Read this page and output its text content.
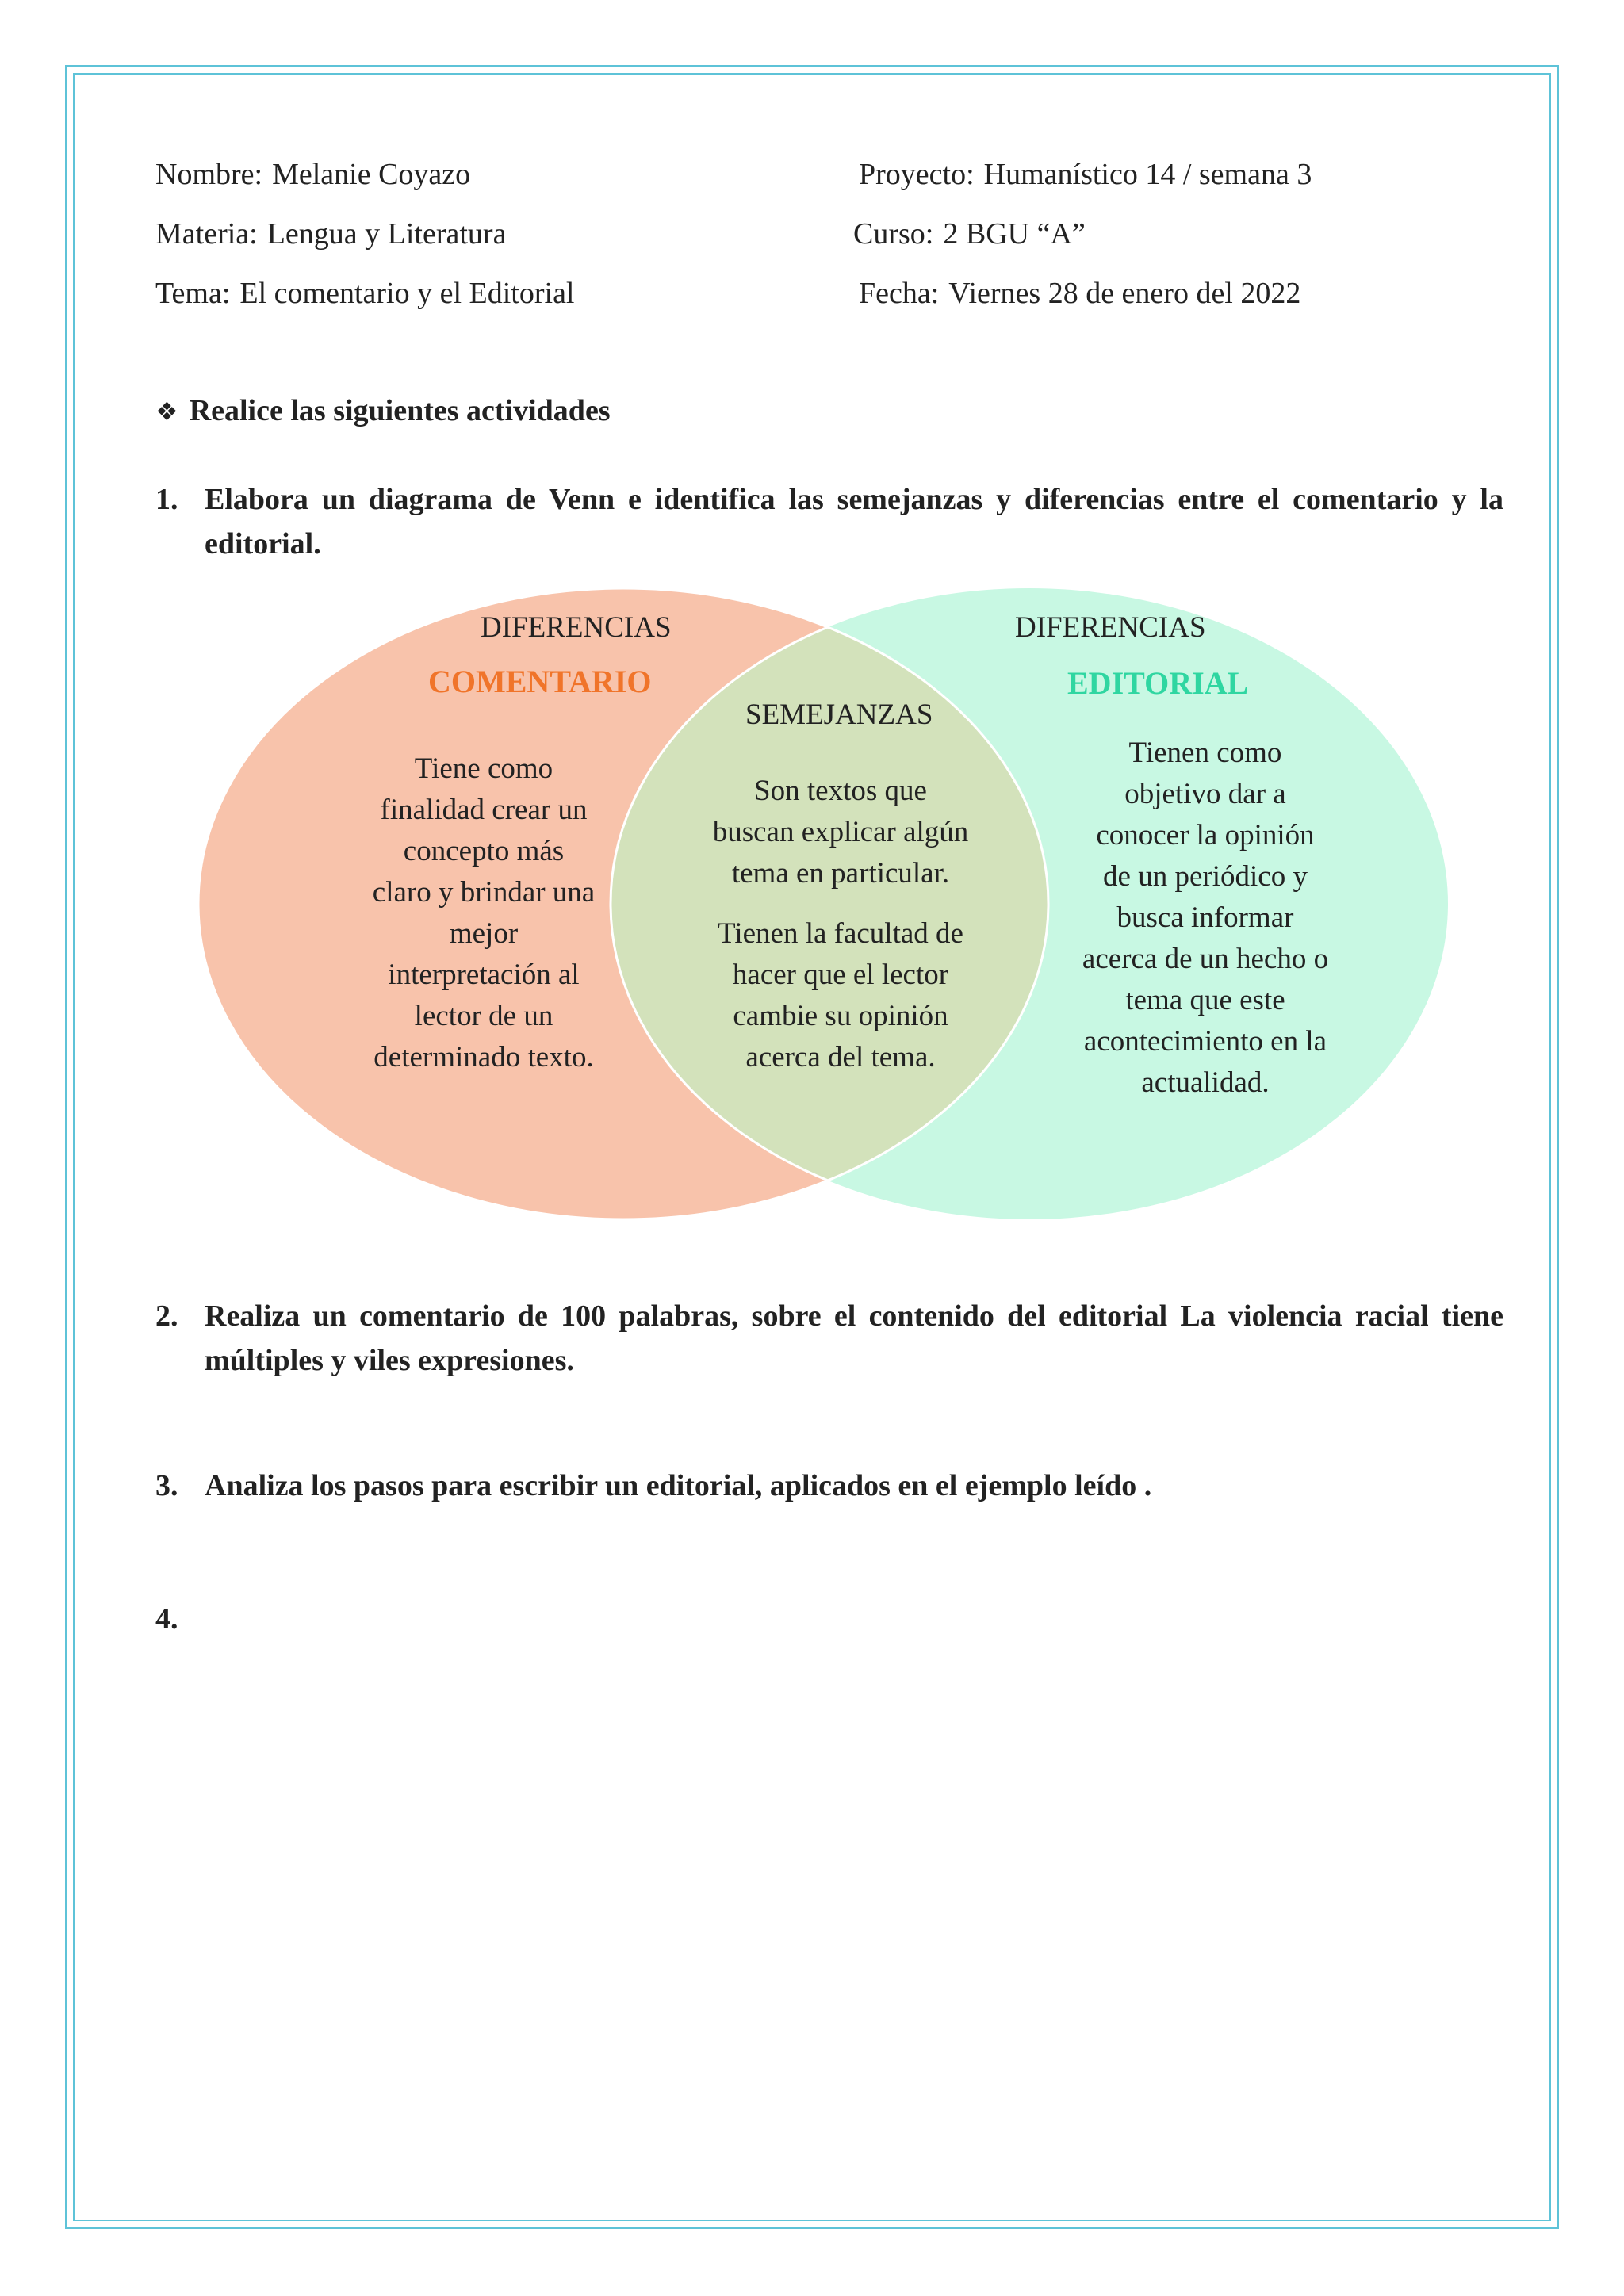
Nombre: Melanie Coyazo
Materia: Lengua y Literatura
Tema: El comentario y el Editorial
Proyecto: Humanístico 14 / semana 3
Curso: 2 BGU “A”
Fecha: Viernes 28 de enero del 2022
❖ Realice las siguientes actividades
1. Elabora un diagrama de Venn e identifica las semejanzas y diferencias entre el comentario y la editorial.
DIFERENCIAS	DIFERENCIAS
COMENTARIO	EDITORIAL
SEMEJANZAS
Tiene como
finalidad crear un
concepto más
claro y brindar una
mejor
interpretación al
lector de un
determinado texto.
Son textos que
buscan explicar algún
tema en particular.
Tienen la facultad de
hacer que el lector
cambie su opinión
acerca del tema.
Tienen como
objetivo dar a
conocer la opinión
de un periódico y
busca informar
acerca de un hecho o
tema que este
acontecimiento en la
actualidad.
2. Realiza un comentario de 100 palabras, sobre el contenido del editorial La violencia racial tiene múltiples y viles expresiones.
3. Analiza los pasos para escribir un editorial, aplicados en el ejemplo leído .
4.
